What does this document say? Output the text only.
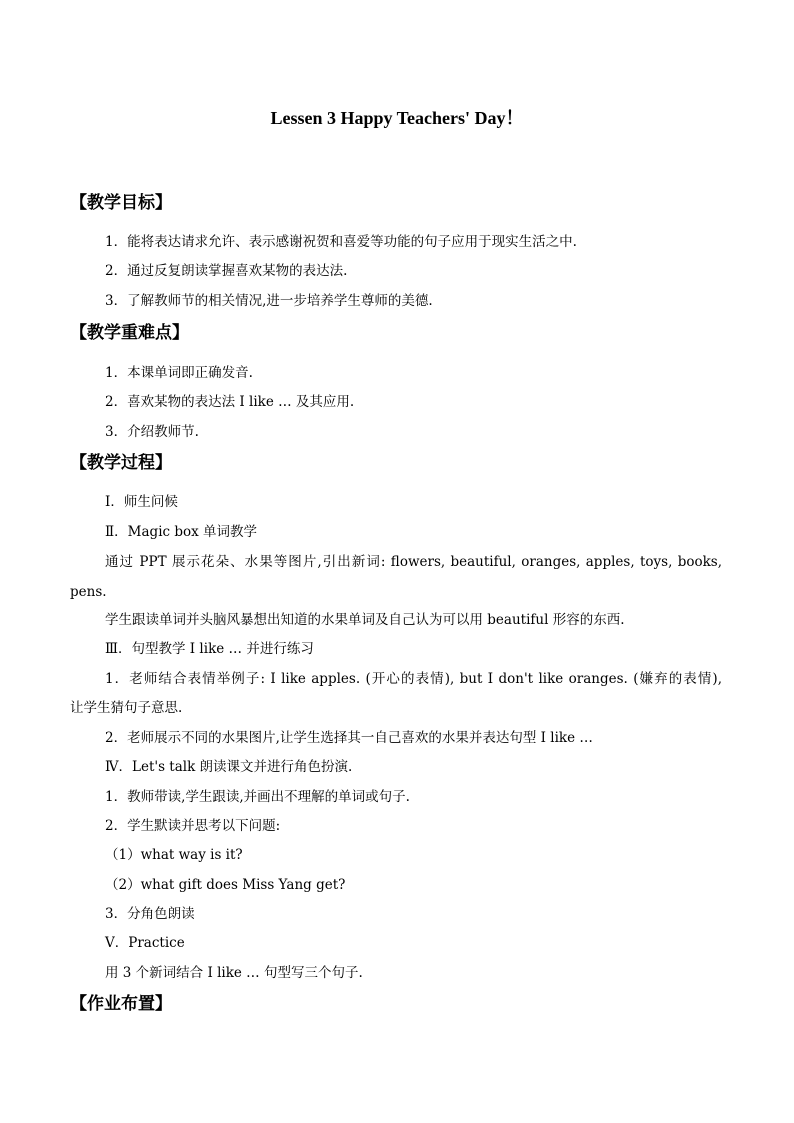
Lessen 3 Happy Teachers' Day！
【教学目标】
1．能将表达请求允许、表示感谢祝贺和喜爱等功能的句子应用于现实生活之中.
2．通过反复朗读掌握喜欢某物的表达法.
3．了解教师节的相关情况,进一步培养学生尊师的美德.
【教学重难点】
1．本课单词即正确发音.
2．喜欢某物的表达法 I like … 及其应用.
3．介绍教师节.
【教学过程】
Ⅰ．师生问候
Ⅱ．Magic box 单词教学
通过 PPT 展示花朵、水果等图片,引出新词: flowers, beautiful, oranges, apples, toys, books,
pens.
学生跟读单词并头脑风暴想出知道的水果单词及自己认为可以用 beautiful 形容的东西.
Ⅲ．句型教学 I like … 并进行练习
1．老师结合表情举例子: I like apples. (开心的表情), but I don't like oranges. (嫌弃的表情),
让学生猜句子意思.
2．老师展示不同的水果图片,让学生选择其一自己喜欢的水果并表达句型 I like …
Ⅳ．Let's talk 朗读课文并进行角色扮演.
1．教师带读,学生跟读,并画出不理解的单词或句子.
2．学生默读并思考以下问题:
（1）what way is it?
（2）what gift does Miss Yang get?
3．分角色朗读
Ⅴ．Practice
用 3 个新词结合 I like … 句型写三个句子.
【作业布置】
